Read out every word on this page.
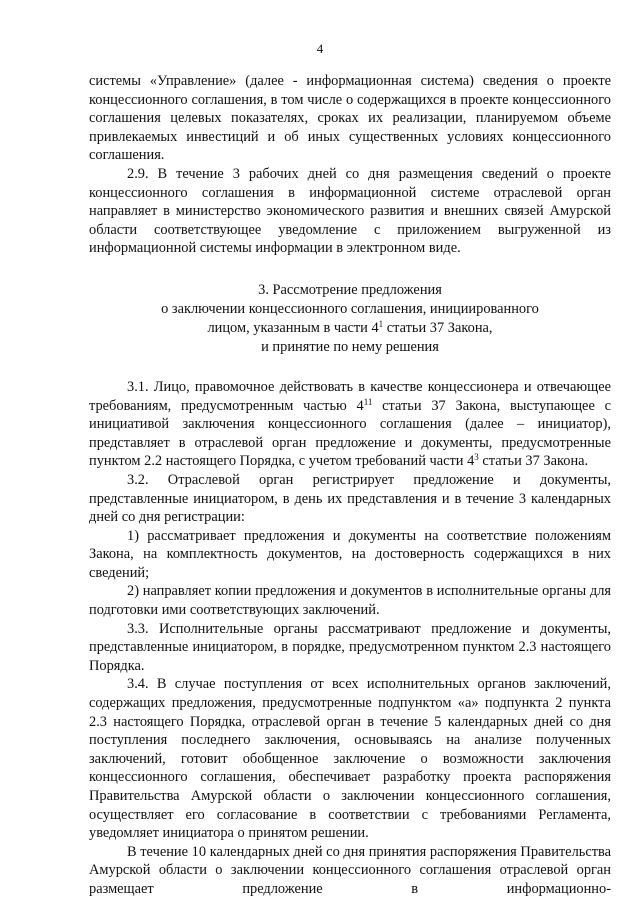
4

системы «Управление» (далее - информационная система) сведения о проекте концессионного соглашения, в том числе о содержащихся в проекте концессионного соглашения целевых показателях, сроках их реализации, планируемом объеме привлекаемых инвестиций и об иных существенных условиях концессионного соглашения.

2.9. В течение 3 рабочих дней со дня размещения сведений о проекте концессионного соглашения в информационной системе отраслевой орган направляет в министерство экономического развития и внешних связей Амурской области соответствующее уведомление с приложением выгруженной из информационной системы информации в электронном виде.

3. Рассмотрение предложения
о заключении концессионного соглашения, инициированного
лицом, указанным в части $4^1$ статьи 37 Закона,
и принятие по нему решения

3.1. Лицо, правомочное действовать в качестве концессионера и отвечающее требованиям, предусмотренным частью $4^{11}$ статьи 37 Закона, выступающее с инициативой заключения концессионного соглашения (далее – инициатор), представляет в отраслевой орган предложение и документы, предусмотренные пунктом 2.2 настоящего Порядка, с учетом требований части $4^3$ статьи 37 Закона.

3.2. Отраслевой орган регистрирует предложение и документы, представленные инициатором, в день их представления и в течение 3 календарных дней со дня регистрации:

1) рассматривает предложения и документы на соответствие положениям Закона, на комплектность документов, на достоверность содержащихся в них сведений;

2) направляет копии предложения и документов в исполнительные органы для подготовки ими соответствующих заключений.

3.3. Исполнительные органы рассматривают предложение и документы, представленные инициатором, в порядке, предусмотренном пунктом 2.3 настоящего Порядка.

3.4. В случае поступления от всех исполнительных органов заключений, содержащих предложения, предусмотренные подпунктом «а» подпункта 2 пункта 2.3 настоящего Порядка, отраслевой орган в течение 5 календарных дней со дня поступления последнего заключения, основываясь на анализе полученных заключений, готовит обобщенное заключение о возможности заключения концессионного соглашения, обеспечивает разработку проекта распоряжения Правительства Амурской области о заключении концессионного соглашения, осуществляет его согласование в соответствии с требованиями Регламента, уведомляет инициатора о принятом решении.

В течение 10 календарных дней со дня принятия распоряжения Правительства Амурской области о заключении концессионного соглашения отраслевой орган размещает предложение в информационно-
